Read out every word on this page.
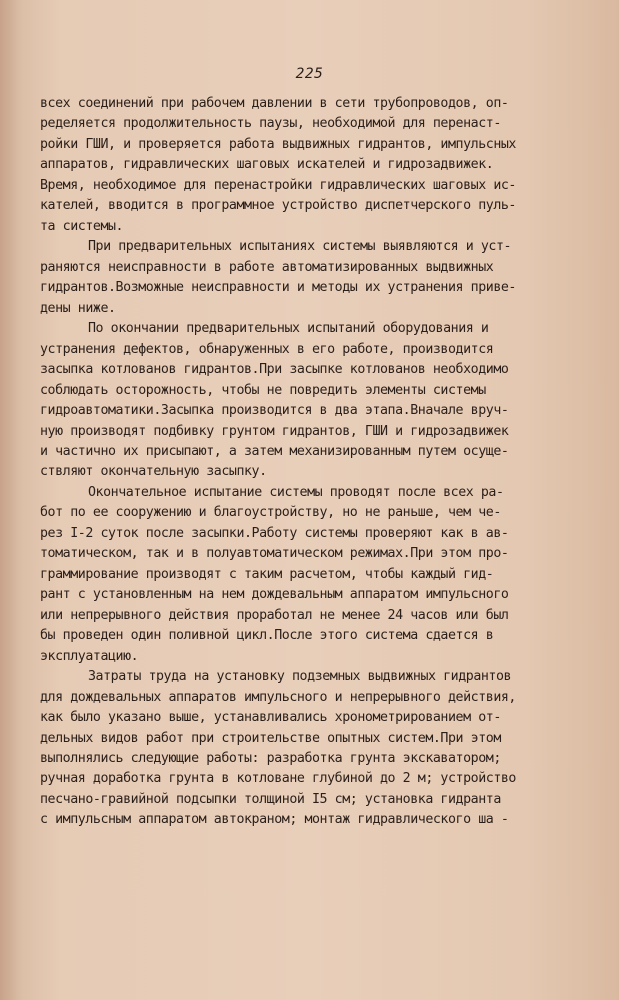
225
всех соединений при рабочем давлении в сети трубопроводов, оп-
ределяется продолжительность паузы, необходимой для перенаст-
ройки ГШИ, и проверяется работа выдвижных гидрантов, импульсных
аппаратов, гидравлических шаговых искателей и гидрозадвижек.
Время, необходимое для перенастройки гидравлических шаговых ис-
кателей, вводится в программное устройство диспетчерского пуль-
та системы.
При предварительных испытаниях системы выявляются и уст-
раняются неисправности в работе автоматизированных выдвижных
гидрантов.Возможные неисправности и методы их устранения приве-
дены ниже.
По окончании предварительных испытаний оборудования и
устранения дефектов, обнаруженных в его работе, производится
засыпка котлованов гидрантов.При засыпке котлованов необходимо
соблюдать осторожность, чтобы не повредить элементы системы
гидроавтоматики.Засыпка производится в два этапа.Вначале вруч-
ную производят подбивку грунтом гидрантов, ГШИ и гидрозадвижек
и частично их присыпают, а затем механизированным путем осуще-
ствляют окончательную засыпку.
Окончательное испытание системы проводят после всех ра-
бот по ее сооружению и благоустройству, но не раньше, чем че-
рез I-2 суток после засыпки.Работу системы проверяют как в ав-
томатическом, так и в полуавтоматическом режимах.При этом про-
граммирование производят с таким расчетом, чтобы каждый гид-
рант с установленным на нем дождевальным аппаратом импульсного
или непрерывного действия проработал не менее 24 часов или был
бы проведен один поливной цикл.После этого система сдается в
эксплуатацию.
Затраты труда на установку подземных выдвижных гидрантов
для дождевальных аппаратов импульсного и непрерывного действия,
как было указано выше, устанавливались хронометрированием от-
дельных видов работ при строительстве опытных систем.При этом
выполнялись следующие работы: разработка грунта экскаватором;
ручная доработка грунта в котловане глубиной до 2 м; устройство
песчано-гравийной подсыпки толщиной I5 см; установка гидранта
с импульсным аппаратом автокраном; монтаж гидравлического ша -
